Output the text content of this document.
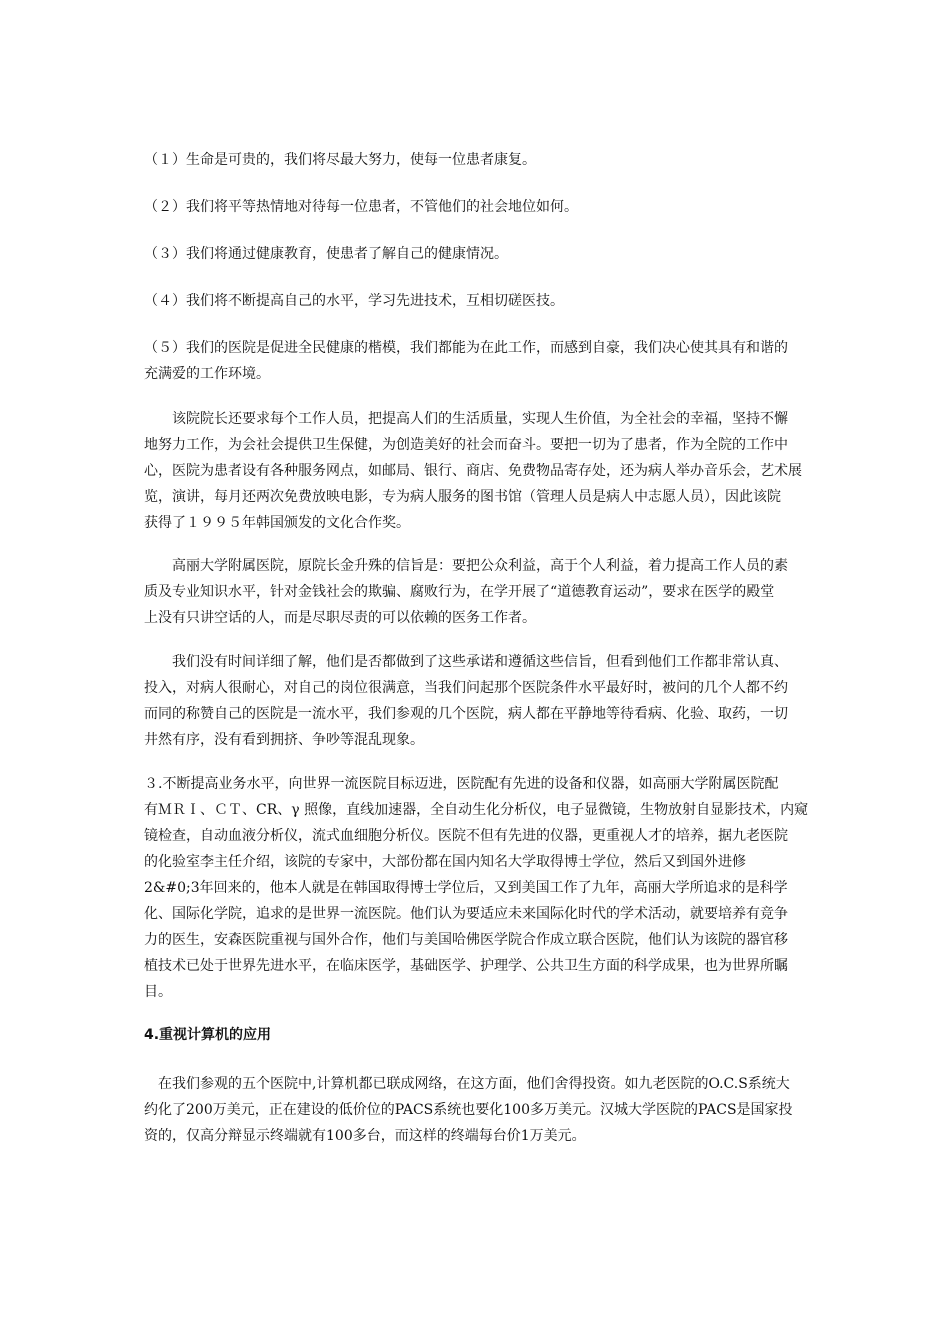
（１）生命是可贵的，我们将尽最大努力，使每一位患者康复。
（２）我们将平等热情地对待每一位患者，不管他们的社会地位如何。
（３）我们将通过健康教育，使患者了解自己的健康情况。
（４）我们将不断提高自己的水平，学习先进技术，互相切磋医技。
（５）我们的医院是促进全民健康的楷模，我们都能为在此工作，而感到自豪，我们决心使其具有和谐的
充满爱的工作环境。
该院院长还要求每个工作人员，把提高人们的生活质量，实现人生价值，为全社会的幸福，坚持不懈
地努力工作，为会社会提供卫生保健，为创造美好的社会而奋斗。要把一切为了患者，作为全院的工作中
心，医院为患者设有各种服务网点，如邮局、银行、商店、免费物品寄存处，还为病人举办音乐会，艺术展
览，演讲，每月还两次免费放映电影，专为病人服务的图书馆（管理人员是病人中志愿人员），因此该院
获得了１９９５年韩国颁发的文化合作奖。
高丽大学附属医院，原院长金升殊的信旨是：要把公众利益，高于个人利益，着力提高工作人员的素
质及专业知识水平，针对金钱社会的欺骗、腐败行为，在学开展了“道德教育运动”，要求在医学的殿堂
上没有只讲空话的人，而是尽职尽责的可以依赖的医务工作者。
我们没有时间详细了解，他们是否都做到了这些承诺和遵循这些信旨，但看到他们工作都非常认真、
投入，对病人很耐心，对自己的岗位很满意，当我们问起那个医院条件水平最好时，被问的几个人都不约
而同的称赞自己的医院是一流水平，我们参观的几个医院，病人都在平静地等待看病、化验、取药，一切
井然有序，没有看到拥挤、争吵等混乱现象。
３.不断提高业务水平，向世界一流医院目标迈进，医院配有先进的设备和仪器，如高丽大学附属医院配
有ＭＲＩ、ＣＴ、CR、γ 照像，直线加速器，全自动生化分析仪，电子显微镜，生物放射自显影技术，内窥
镜检查，自动血液分析仪，流式血细胞分析仪。医院不但有先进的仪器，更重视人才的培养，据九老医院
的化验室李主任介绍，该院的专家中，大部份都在国内知名大学取得博士学位，然后又到国外进修
2&#0;3年回来的，他本人就是在韩国取得博士学位后，又到美国工作了九年，高丽大学所追求的是科学
化、国际化学院，追求的是世界一流医院。他们认为要适应未来国际化时代的学术活动，就要培养有竞争
力的医生，安森医院重视与国外合作，他们与美国哈佛医学院合作成立联合医院，他们认为该院的器官移
植技术已处于世界先进水平，在临床医学，基础医学、护理学、公共卫生方面的科学成果，也为世界所瞩
目。
4.重视计算机的应用
在我们参观的五个医院中,计算机都已联成网络，在这方面，他们舍得投资。如九老医院的O.C.S系统大
约化了200万美元，正在建设的低价位的PACS系统也要化100多万美元。汉城大学医院的PACS是国家投
资的，仅高分辩显示终端就有100多台，而这样的终端每台价1万美元。
